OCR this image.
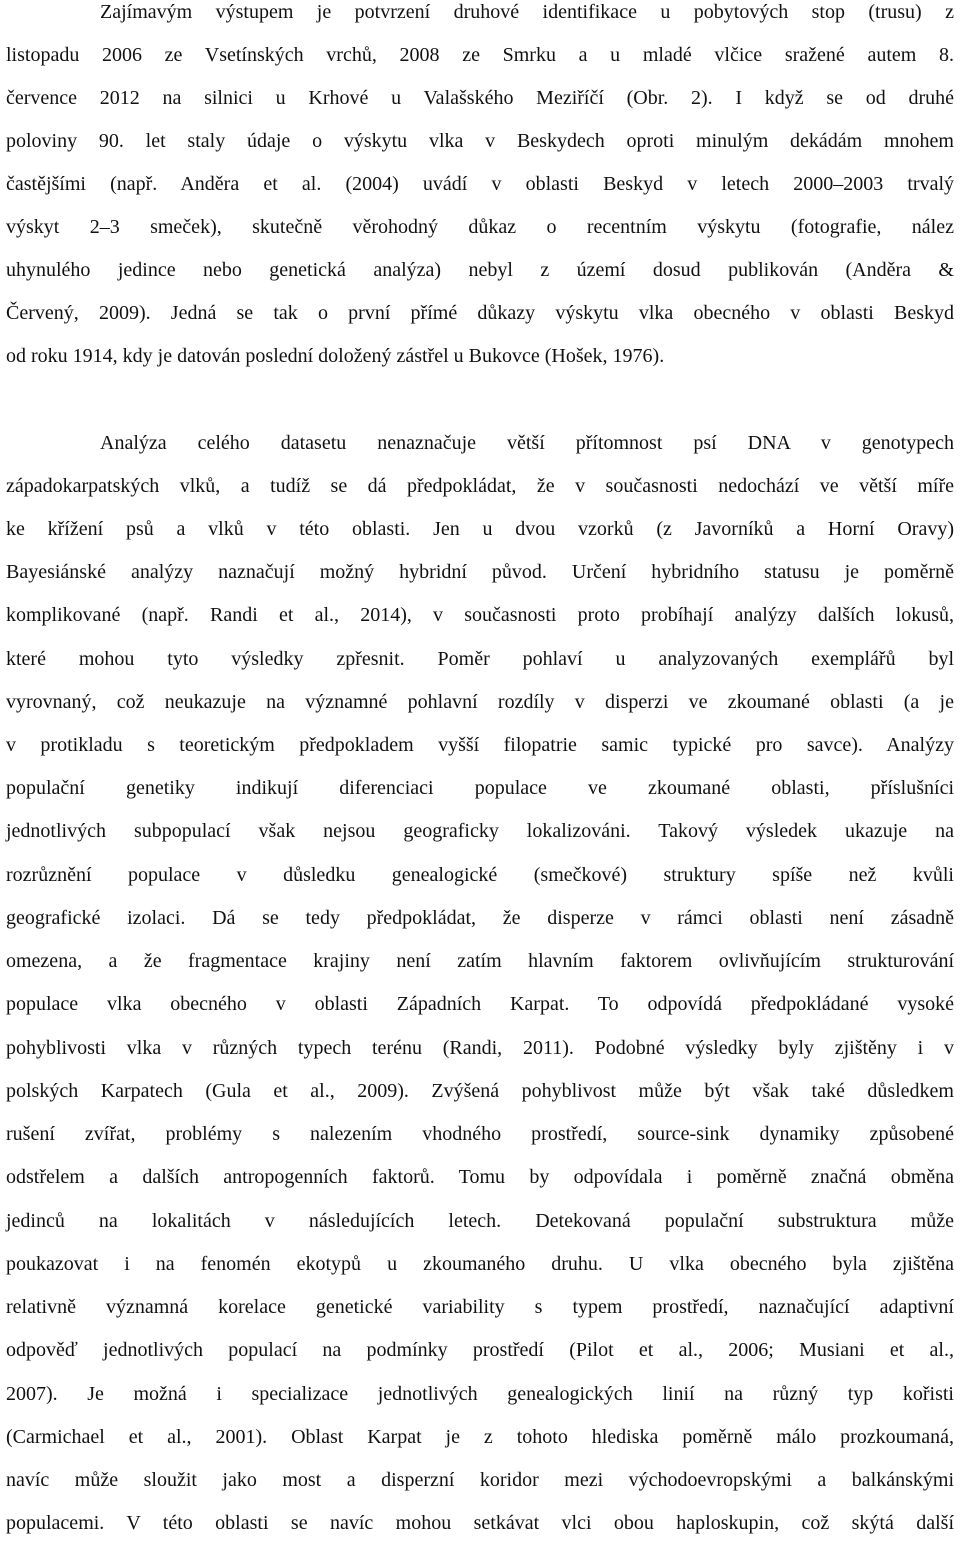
Zajímavým výstupem je potvrzení druhové identifikace u pobytových stop (trusu) z
listopadu 2006 ze Vsetínských vrchů, 2008 ze Smrku a u mladé vlčice sražené autem 8.
července 2012 na silnici u Krhové u Valašského Meziříčí (Obr. 2). I když se od druhé
poloviny 90. let staly údaje o výskytu vlka v Beskydech oproti minulým dekádám mnohem
častějšími (např. Anděra et al. (2004) uvádí v oblasti Beskyd v letech 2000–2003 trvalý
výskyt 2–3 smeček), skutečně věrohodný důkaz o recentním výskytu (fotografie, nález
uhynulého jedince nebo genetická analýza) nebyl z území dosud publikován (Anděra &
Červený, 2009). Jedná se tak o první přímé důkazy výskytu vlka obecného v oblasti Beskyd
od roku 1914, kdy je datován poslední doložený zástřel u Bukovce (Hošek, 1976).
Analýza celého datasetu nenaznačuje větší přítomnost psí DNA v genotypech
západokarpatských vlků, a tudíž se dá předpokládat, že v současnosti nedochází ve větší míře
ke křížení psů a vlků v této oblasti. Jen u dvou vzorků (z Javorníků a Horní Oravy)
Bayesiánské analýzy naznačují možný hybridní původ. Určení hybridního statusu je poměrně
komplikované (např. Randi et al., 2014), v současnosti proto probíhají analýzy dalších lokusů,
které mohou tyto výsledky zpřesnit. Poměr pohlaví u analyzovaných exemplářů byl
vyrovnaný, což neukazuje na významné pohlavní rozdíly v disperzi ve zkoumané oblasti (a je
v protikladu s teoretickým předpokladem vyšší filopatrie samic typické pro savce). Analýzy
populační genetiky indikují diferenciaci populace ve zkoumané oblasti, příslušníci
jednotlivých subpopulací však nejsou geograficky lokalizováni. Takový výsledek ukazuje na
rozrůznění populace v důsledku genealogické (smečkové) struktury spíše než kvůli
geografické izolaci. Dá se tedy předpokládat, že disperze v rámci oblasti není zásadně
omezena, a že fragmentace krajiny není zatím hlavním faktorem ovlivňujícím strukturování
populace vlka obecného v oblasti Západních Karpat. To odpovídá předpokládané vysoké
pohyblivosti vlka v různých typech terénu (Randi, 2011). Podobné výsledky byly zjištěny i v
polských Karpatech (Gula et al., 2009). Zvýšená pohyblivost může být však také důsledkem
rušení zvířat, problémy s nalezením vhodného prostředí, source-sink dynamiky způsobené
odstřelem a dalších antropogenních faktorů. Tomu by odpovídala i poměrně značná obměna
jedinců na lokalitách v následujících letech. Detekovaná populační substruktura může
poukazovat i na fenomén ekotypů u zkoumaného druhu. U vlka obecného byla zjištěna
relativně významná korelace genetické variability s typem prostředí, naznačující adaptivní
odpověď jednotlivých populací na podmínky prostředí (Pilot et al., 2006; Musiani et al.,
2007). Je možná i specializace jednotlivých genealogických linií na různý typ kořisti
(Carmichael et al., 2001). Oblast Karpat je z tohoto hlediska poměrně málo prozkoumaná,
navíc může sloužit jako most a disperzní koridor mezi východoevropskými a balkánskými
populacemi. V této oblasti se navíc mohou setkávat vlci obou haploskupin, což skýtá další
